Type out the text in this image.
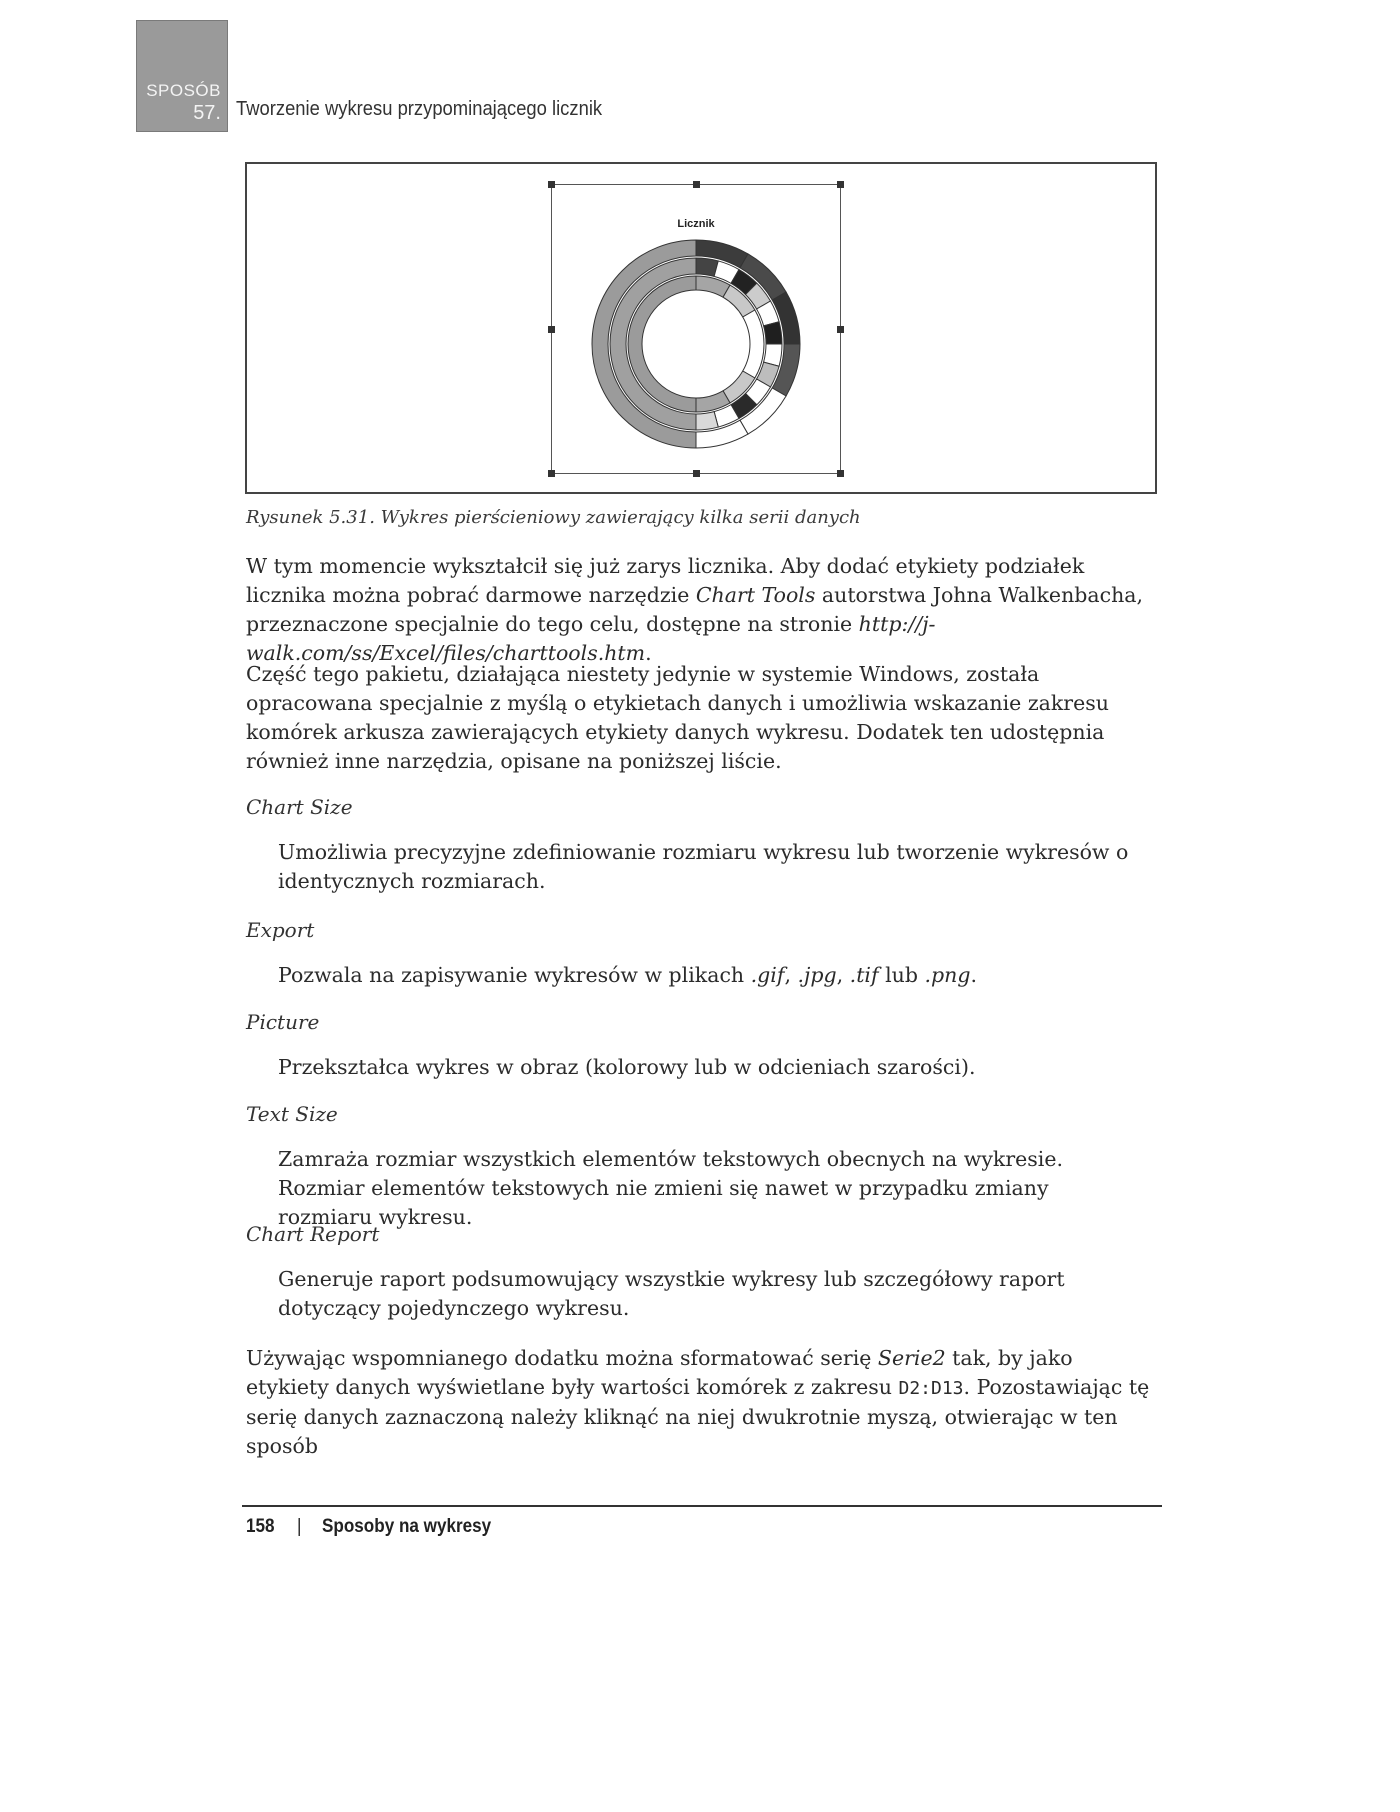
SPOSÓB
57. Tworzenie wykresu przypominającego licznik
Licznik
Rysunek 5.31. Wykres pierścieniowy zawierający kilka serii danych
W tym momencie wykształcił się już zarys licznika. Aby dodać etykiety podziałek licznika można pobrać darmowe narzędzie Chart Tools autorstwa Johna Walkenbacha, przeznaczone specjalnie do tego celu, dostępne na stronie http://j-walk.com/ss/Excel/files/charttools.htm.
Część tego pakietu, działająca niestety jedynie w systemie Windows, została opracowana specjalnie z myślą o etykietach danych i umożliwia wskazanie zakresu komórek arkusza zawierających etykiety danych wykresu. Dodatek ten udostępnia również inne narzędzia, opisane na poniższej liście.
Chart Size
Umożliwia precyzyjne zdefiniowanie rozmiaru wykresu lub tworzenie wykresów o identycznych rozmiarach.
Export
Pozwala na zapisywanie wykresów w plikach .gif, .jpg, .tif lub .png.
Picture
Przekształca wykres w obraz (kolorowy lub w odcieniach szarości).
Text Size
Zamraża rozmiar wszystkich elementów tekstowych obecnych na wykresie. Rozmiar elementów tekstowych nie zmieni się nawet w przypadku zmiany rozmiaru wykresu.
Chart Report
Generuje raport podsumowujący wszystkie wykresy lub szczegółowy raport dotyczący pojedynczego wykresu.
Używając wspomnianego dodatku można sformatować serię Serie2 tak, by jako etykiety danych wyświetlane były wartości komórek z zakresu D2:D13. Pozostawiając tę serię danych zaznaczoną należy kliknąć na niej dwukrotnie myszą, otwierając w ten sposób
158 | Sposoby na wykresy
